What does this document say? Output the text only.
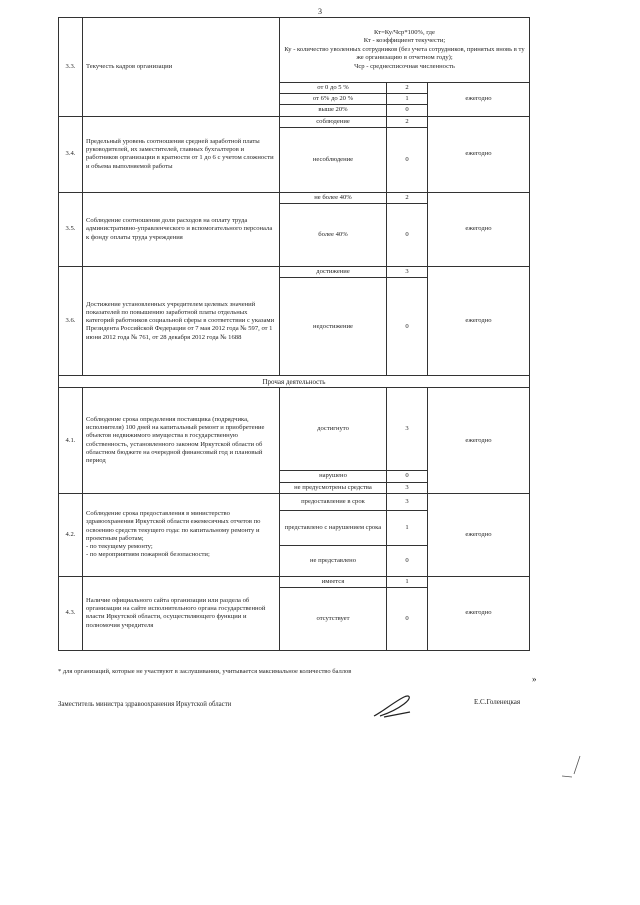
3
3.3.	Текучесть кадров организации	Кт=Ку/Чср*100%, где
Кт - коэффициент текучести;
Ку - количество уволенных сотрудников (без учета сотрудников, принятых вновь в ту же организацию в отчетном году);
Чср - среднесписочная численность		

		от 0 до 5 %	2	ежегодно
		от 6% до 20 %	1	
		выше 20%	0	
3.4.	Предельный уровень соотношения средней заработной платы руководителей, их заместителей, главных бухгалтеров и работников организации в кратности от 1 до 6 с учетом сложности и объема выполняемой работы	соблюдение	2	ежегодно
		несоблюдение	0	
3.5.	Соблюдение соотношения доли расходов на оплату труда административно-управленческого и вспомогательного персонала к фонду оплаты труда учреждения	не более 40%	2	ежегодно
		более 40%	0	
3.6.	Достижение установленных учредителем целевых значений показателей по повышению заработной платы отдельных категорий работников социальной сферы в соответствии с указами Президента Российской Федерации от 7 мая 2012 года № 597, от 1 июня 2012 года № 761, от 28 декабря 2012 года № 1688	достижение	3	ежегодно
		недостижение	0	
Прочая деятельность				
4.1.	Соблюдение срока определения поставщика (подрядчика, исполнителя) 100 дней на капитальный ремонт и приобретение объектов недвижимого имущества в государственную собственность, установленного законом Иркутской области об областном бюджете на очередной финансовый год и плановый период	достигнуто	3	ежегодно
		нарушено	0	
		не предусмотрены средства	3	
4.2.	Соблюдение срока предоставления в министерство здравоохранения Иркутской области ежемесячных отчетов по освоению средств текущего года: по капитальному ремонту и проектным работам;
- по текущему ремонту;
- по мероприятиям пожарной безопасности;	предоставление в срок	3	ежегодно
		представлено с нарушением срока	1	
		не представлено	0	
4.3.	Наличие официального сайта организации или раздела об организации на сайте исполнительного органа государственной власти Иркутской области, осуществляющего функции и полномочия учредителя	имеется	1	ежегодно
		отсутствует	0	
* для организаций, которые не участвуют в заслушивании, учитывается максимальное количество баллов
»
Заместитель министра здравоохранения Иркутской области	Е.С.Голенецкая
